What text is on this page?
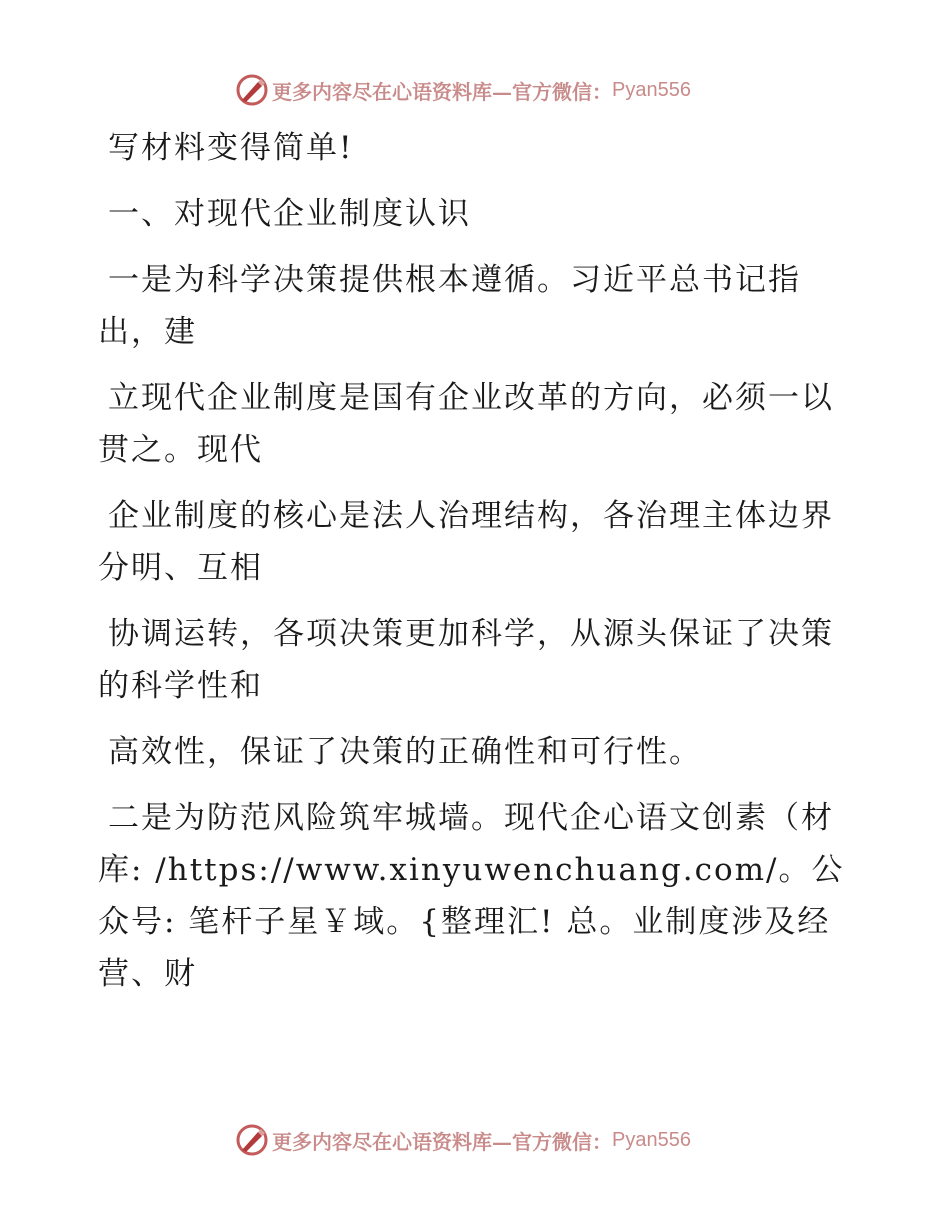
更多内容尽在心语资料库—官方微信： Pyan556

写材料变得简单!

一、对现代企业制度认识

一是为科学决策提供根本遵循。习近平总书记指出，建

立现代企业制度是国有企业改革的方向，必须一以贯之。现代

企业制度的核心是法人治理结构，各治理主体边界分明、互相

协调运转，各项决策更加科学，从源头保证了决策的科学性和

高效性，保证了决策的正确性和可行性。

二是为防范风险筑牢城墙。现代企心语文创素（材库: /https://www.xinyuwenchuang.com/。公众号: 笔杆子星￥域。{整理汇! 总。业制度涉及经营、财

更多内容尽在心语资料库—官方微信： Pyan556
